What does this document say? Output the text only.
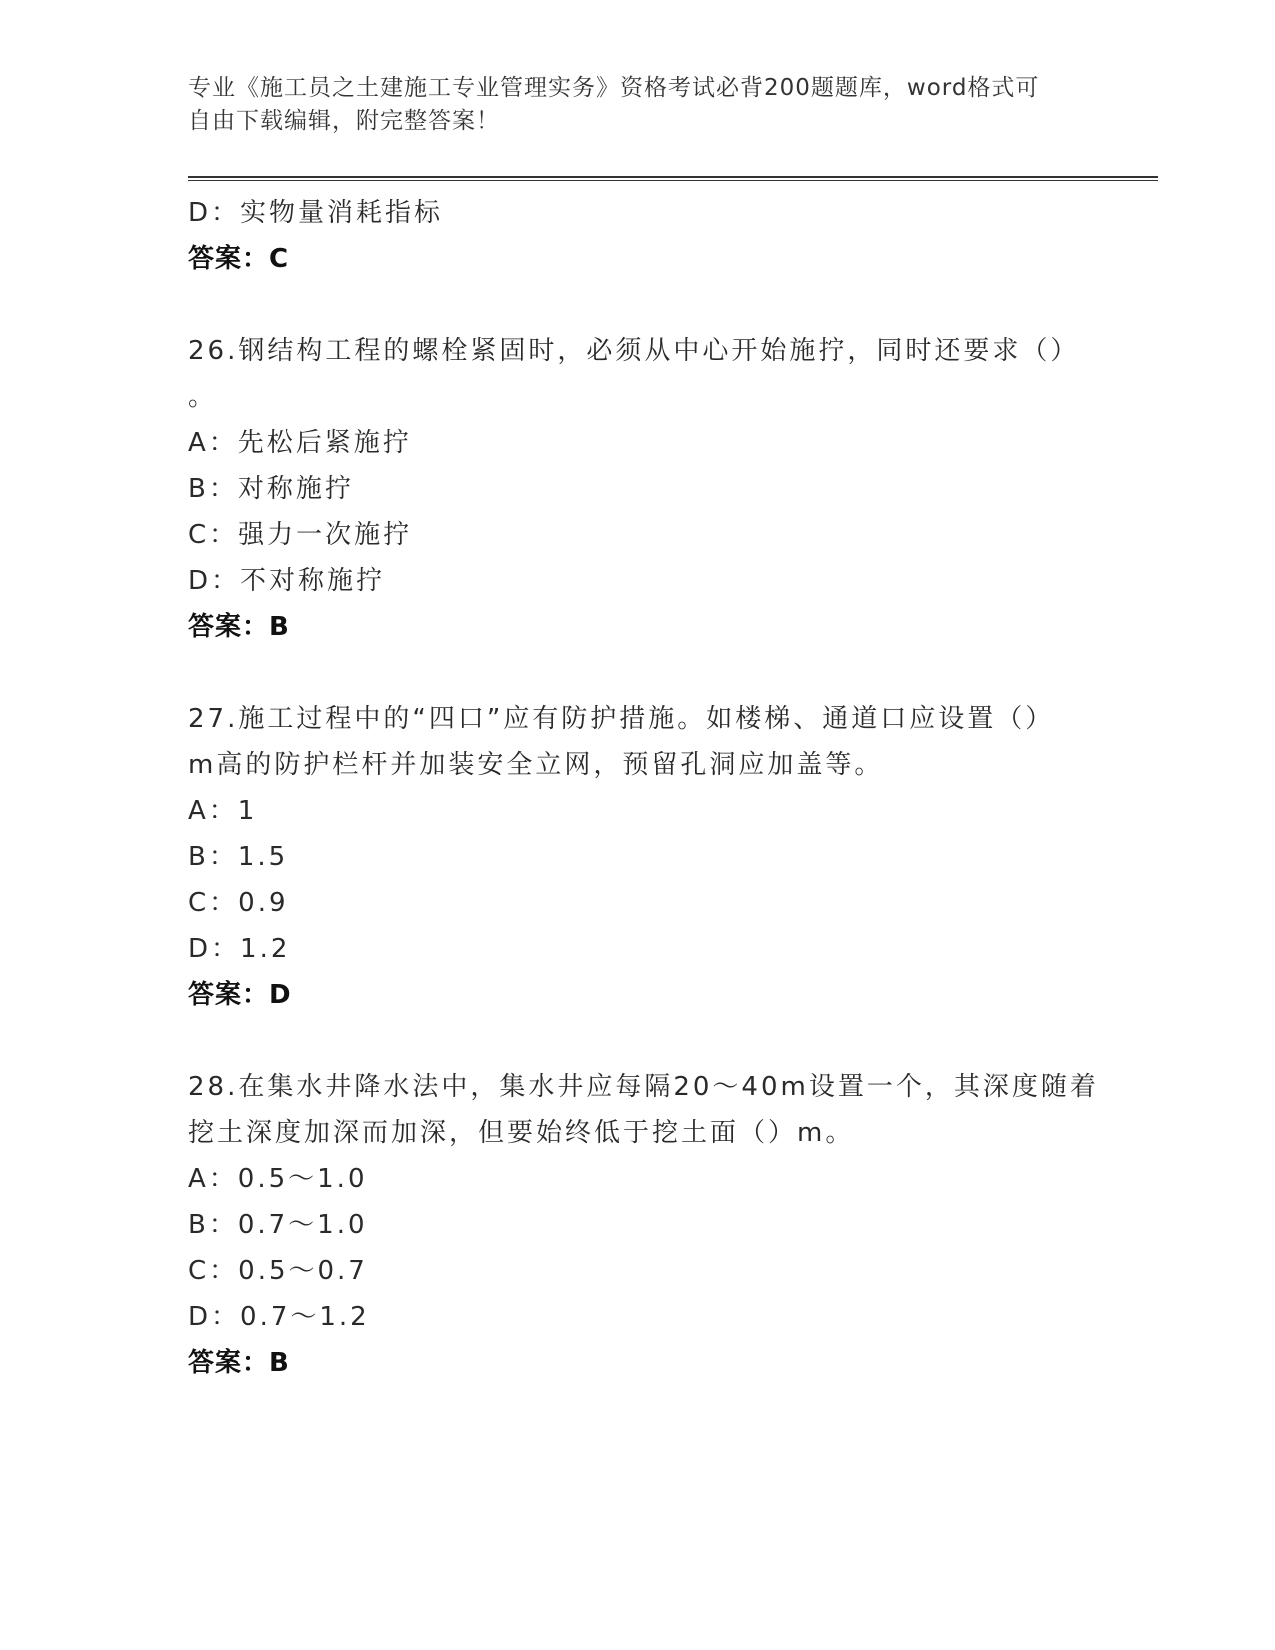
专业《施工员之土建施工专业管理实务》资格考试必背200题题库，word格式可
自由下载编辑，附完整答案！
D：实物量消耗指标
答案：C
26.钢结构工程的螺栓紧固时，必须从中心开始施拧，同时还要求（）
。
A：先松后紧施拧
B：对称施拧
C：强力一次施拧
D：不对称施拧
答案：B
27.施工过程中的“四口”应有防护措施。如楼梯、通道口应设置（）
m高的防护栏杆并加装安全立网，预留孔洞应加盖等。
A：1
B：1.5
C：0.9
D：1.2
答案：D
28.在集水井降水法中，集水井应每隔20～40m设置一个，其深度随着
挖土深度加深而加深，但要始终低于挖土面（）m。
A：0.5～1.0
B：0.7～1.0
C：0.5～0.7
D：0.7～1.2
答案：B
